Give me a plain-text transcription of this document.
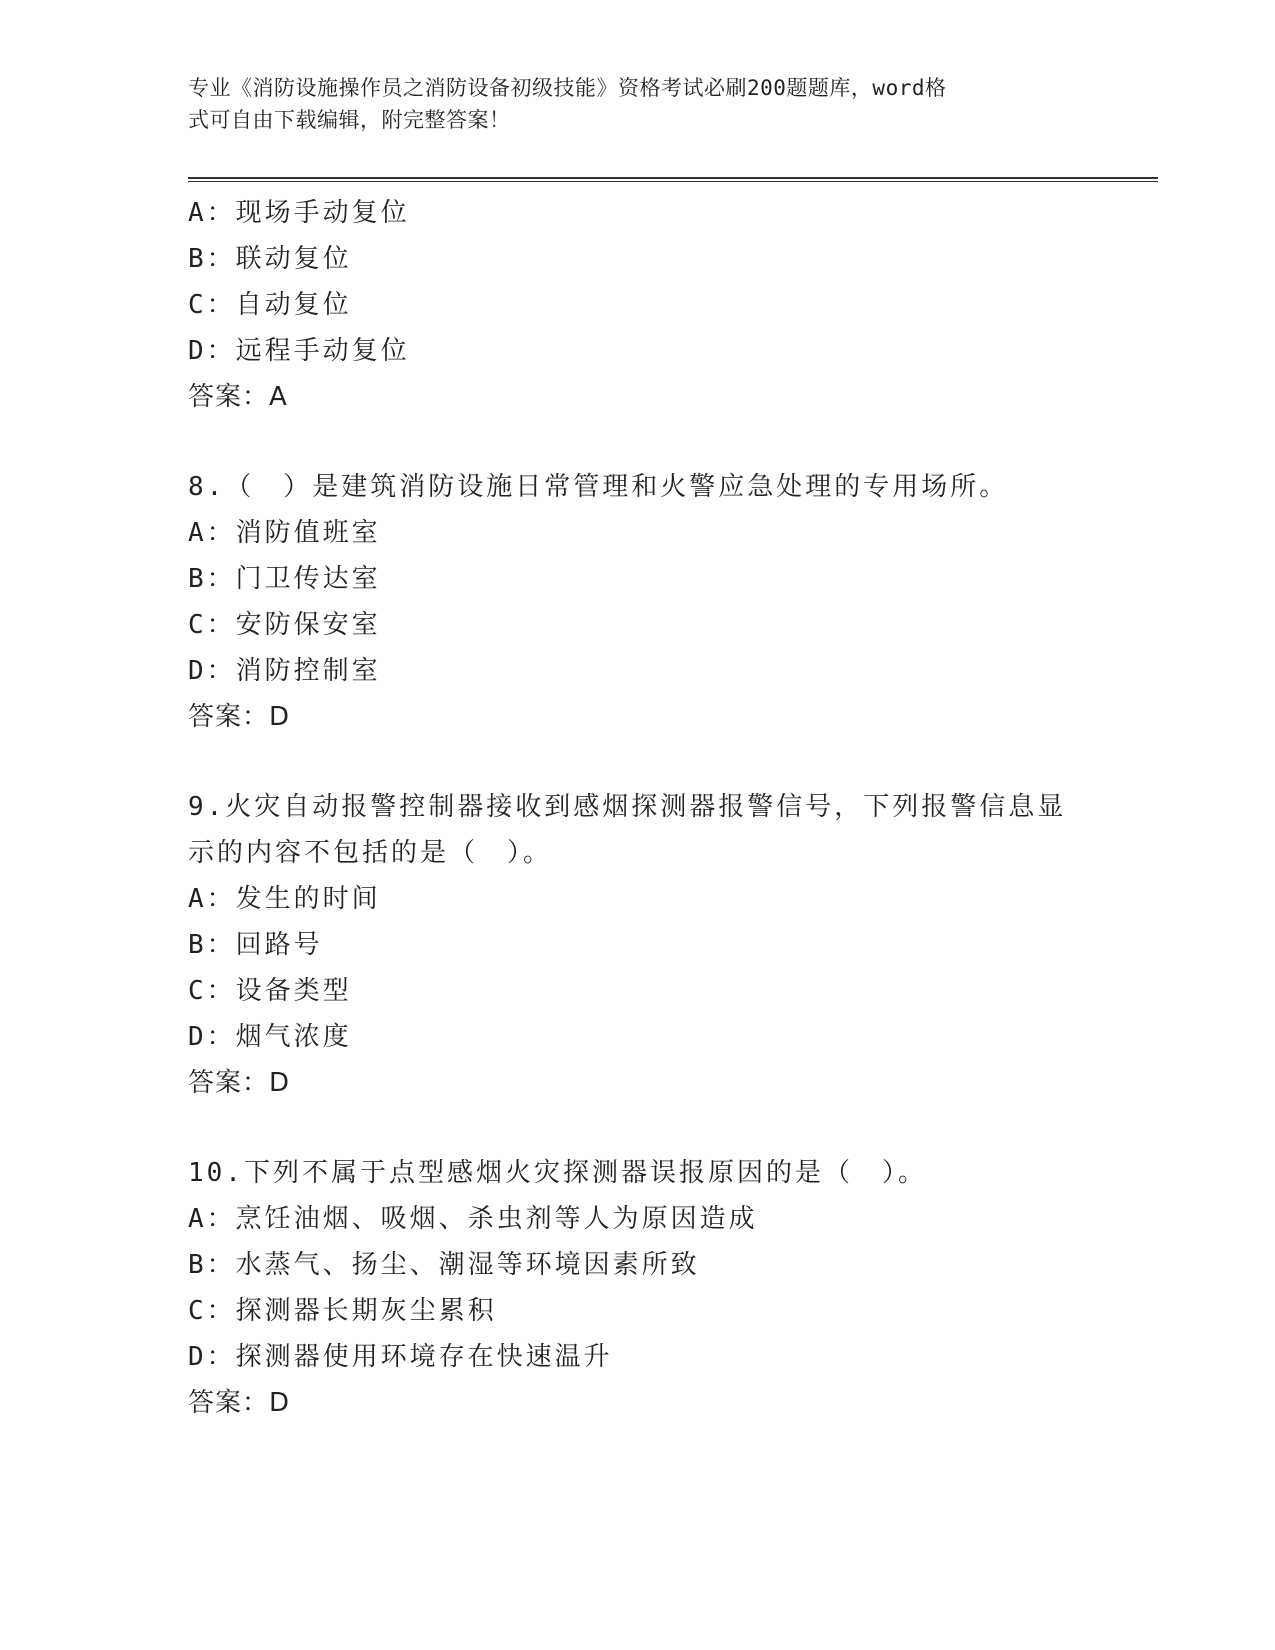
专业《消防设施操作员之消防设备初级技能》资格考试必刷200题题库，word格
式可自由下载编辑，附完整答案！
A：现场手动复位
B：联动复位
C：自动复位
D：远程手动复位
答案：A
8.（　）是建筑消防设施日常管理和火警应急处理的专用场所。
A：消防值班室
B：门卫传达室
C：安防保安室
D：消防控制室
答案：D
9.火灾自动报警控制器接收到感烟探测器报警信号，下列报警信息显
示的内容不包括的是（　）。
A：发生的时间
B：回路号
C：设备类型
D：烟气浓度
答案：D
10.下列不属于点型感烟火灾探测器误报原因的是（　）。
A：烹饪油烟、吸烟、杀虫剂等人为原因造成
B：水蒸气、扬尘、潮湿等环境因素所致
C：探测器长期灰尘累积
D：探测器使用环境存在快速温升
答案：D
